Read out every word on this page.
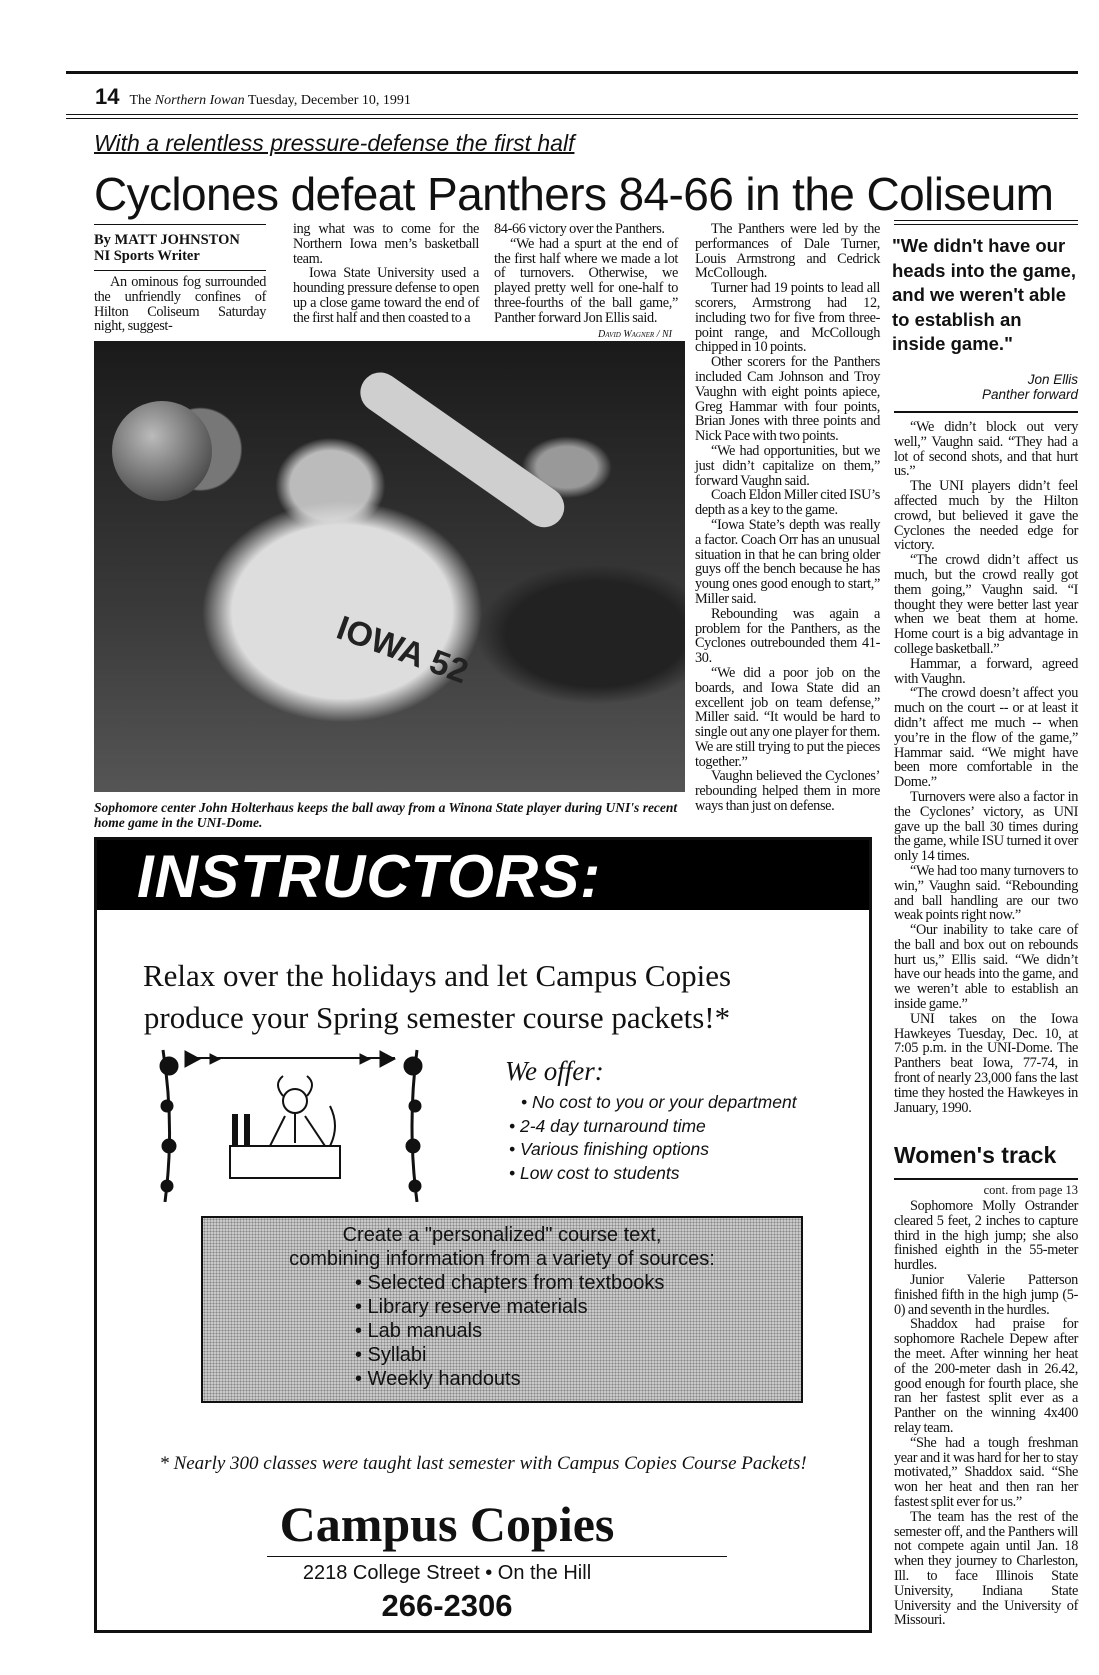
14 The Northern Iowan Tuesday, December 10, 1991
With a relentless pressure-defense the first half
Cyclones defeat Panthers 84-66 in the Coliseum
By MATT JOHNSTON
NI Sports Writer

An ominous fog surrounded the unfriendly confines of Hilton Coliseum Saturday night, suggest-

ing what was to come for the Northern Iowa men’s basketball team.

Iowa State University used a hounding pressure defense to open up a close game toward the end of the first half and then coasted to a

84-66 victory over the Panthers.

“We had a spurt at the end of the first half where we made a lot of turnovers. Otherwise, we played pretty well for one-half to three-fourths of the ball game,” Panther forward Jon Ellis said.

David Wagner / NI
IOWA 52
Sophomore center John Holterhaus keeps the ball away from a Winona State player during UNI's recent home game in the UNI-Dome.

The Panthers were led by the performances of Dale Turner, Louis Armstrong and Cedrick McCollough.

Turner had 19 points to lead all scorers, Armstrong had 12, including two for five from three-point range, and McCollough chipped in 10 points.

Other scorers for the Panthers included Cam Johnson and Troy Vaughn with eight points apiece, Greg Hammar with four points, Brian Jones with three points and Nick Pace with two points.

“We had opportunities, but we just didn’t capitalize on them,” forward Vaughn said.

Coach Eldon Miller cited ISU’s depth as a key to the game.

“Iowa State’s depth was really a factor. Coach Orr has an unusual situation in that he can bring older guys off the bench because he has young ones good enough to start,” Miller said.

Rebounding was again a problem for the Panthers, as the Cyclones outrebounded them 41-30.

“We did a poor job on the boards, and Iowa State did an excellent job on team defense,” Miller said. “It would be hard to single out any one player for them. We are still trying to put the pieces together.”

Vaughn believed the Cyclones’ rebounding helped them in more ways than just on defense.

"We didn't have our heads into the game, and we weren't able to establish an inside game."
Jon Ellis
Panther forward

“We didn’t block out very well,” Vaughn said. “They had a lot of second shots, and that hurt us.”

The UNI players didn’t feel affected much by the Hilton crowd, but believed it gave the Cyclones the needed edge for victory.

“The crowd didn’t affect us much, but the crowd really got them going,” Vaughn said. “I thought they were better last year when we beat them at home. Home court is a big advantage in college basketball.”

Hammar, a forward, agreed with Vaughn.

“The crowd doesn’t affect you much on the court -- or at least it didn’t affect me much -- when you’re in the flow of the game,” Hammar said. “We might have been more comfortable in the Dome.”

Turnovers were also a factor in the Cyclones’ victory, as UNI gave up the ball 30 times during the game, while ISU turned it over only 14 times.

“We had too many turnovers to win,” Vaughn said. “Rebounding and ball handling are our two weak points right now.”

“Our inability to take care of the ball and box out on rebounds hurt us,” Ellis said. “We didn’t have our heads into the game, and we weren’t able to establish an inside game.”

UNI takes on the Iowa Hawkeyes Tuesday, Dec. 10, at 7:05 p.m. in the UNI-Dome. The Panthers beat Iowa, 77-74, in front of nearly 23,000 fans the last time they hosted the Hawkeyes in January, 1990.

Women's track
cont. from page 13

Sophomore Molly Ostrander cleared 5 feet, 2 inches to capture third in the high jump; she also finished eighth in the 55-meter hurdles.

Junior Valerie Patterson finished fifth in the high jump (5-0) and seventh in the hurdles.

Shaddox had praise for sophomore Rachele Depew after the meet. After winning her heat of the 200-meter dash in 26.42, good enough for fourth place, she ran her fastest split ever as a Panther on the winning 4x400 relay team.

“She had a tough freshman year and it was hard for her to stay motivated,” Shaddox said. “She won her heat and then ran her fastest split ever for us.”

The team has the rest of the semester off, and the Panthers will not compete again until Jan. 18 when they journey to Charleston, Ill. to face Illinois State University, Indiana State University and the University of Missouri.

INSTRUCTORS:
Relax over the holidays and let Campus Copies
produce your Spring semester course packets!*
We offer:
• No cost to you or your department
• 2-4 day turnaround time
• Various finishing options
• Low cost to students
Create a "personalized" course text,
combining information from a variety of sources:
• Selected chapters from textbooks
• Library reserve materials
• Lab manuals
• Syllabi
• Weekly handouts
* Nearly 300 classes were taught last semester with Campus Copies Course Packets!
Campus Copies
2218 College Street • On the Hill
266-2306
